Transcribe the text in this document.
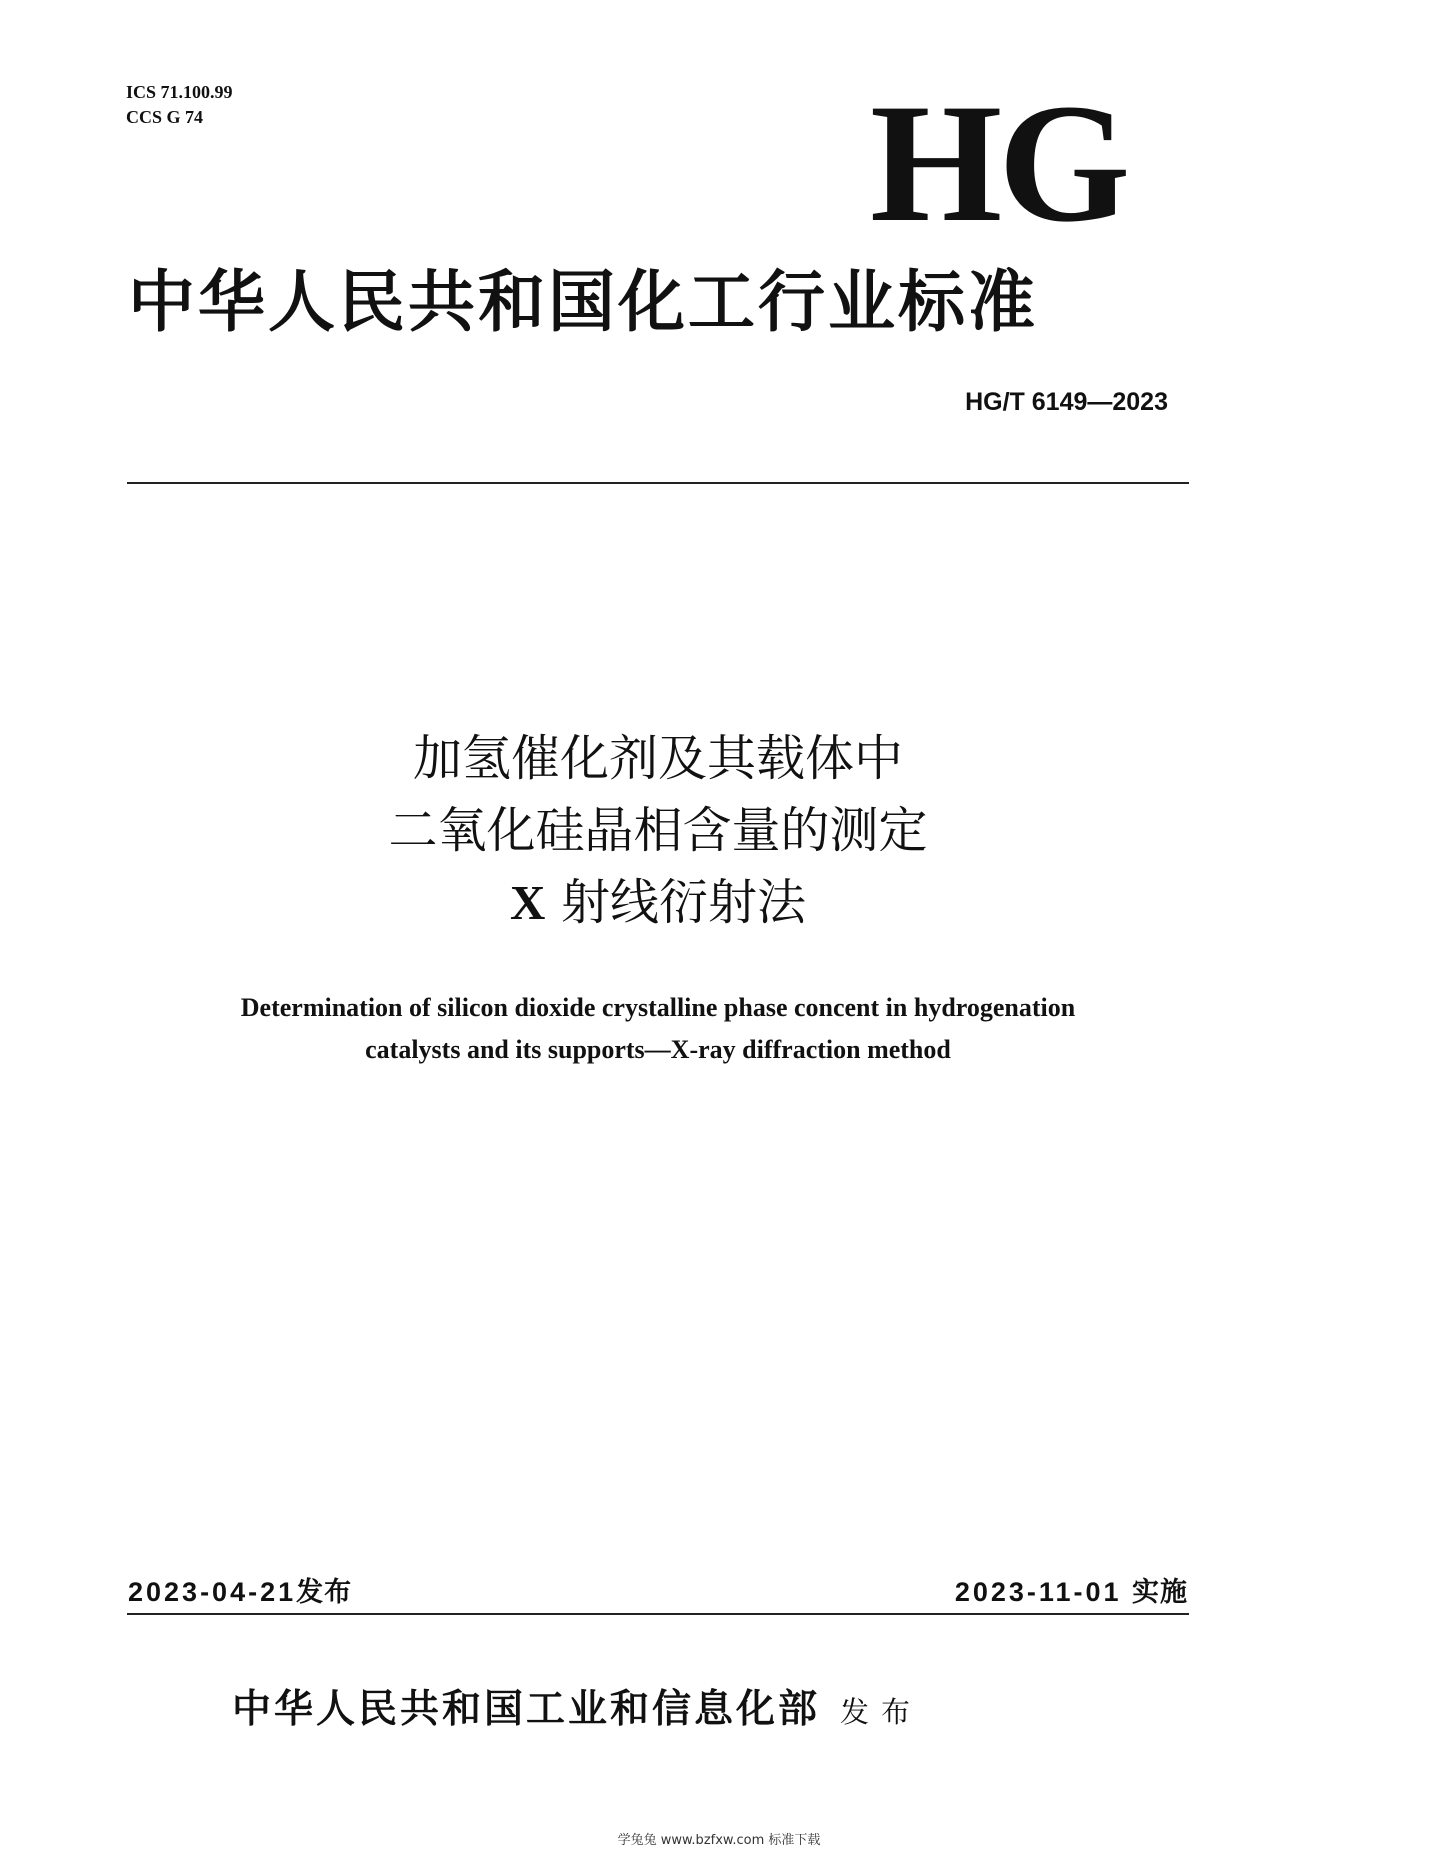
ICS 71.100.99
CCS G 74	HG
中华人民共和国化工行业标准
HG/T 6149—2023
加氢催化剂及其载体中
二氧化硅晶相含量的测定
X 射线衍射法
Determination of silicon dioxide crystalline phase concent in hydrogenation
catalysts and its supports—X-ray diffraction method
2023-04-21发布	2023-11-01 实施
中华人民共和国工业和信息化部 发布
学兔兔 www.bzfxw.com 标准下载
